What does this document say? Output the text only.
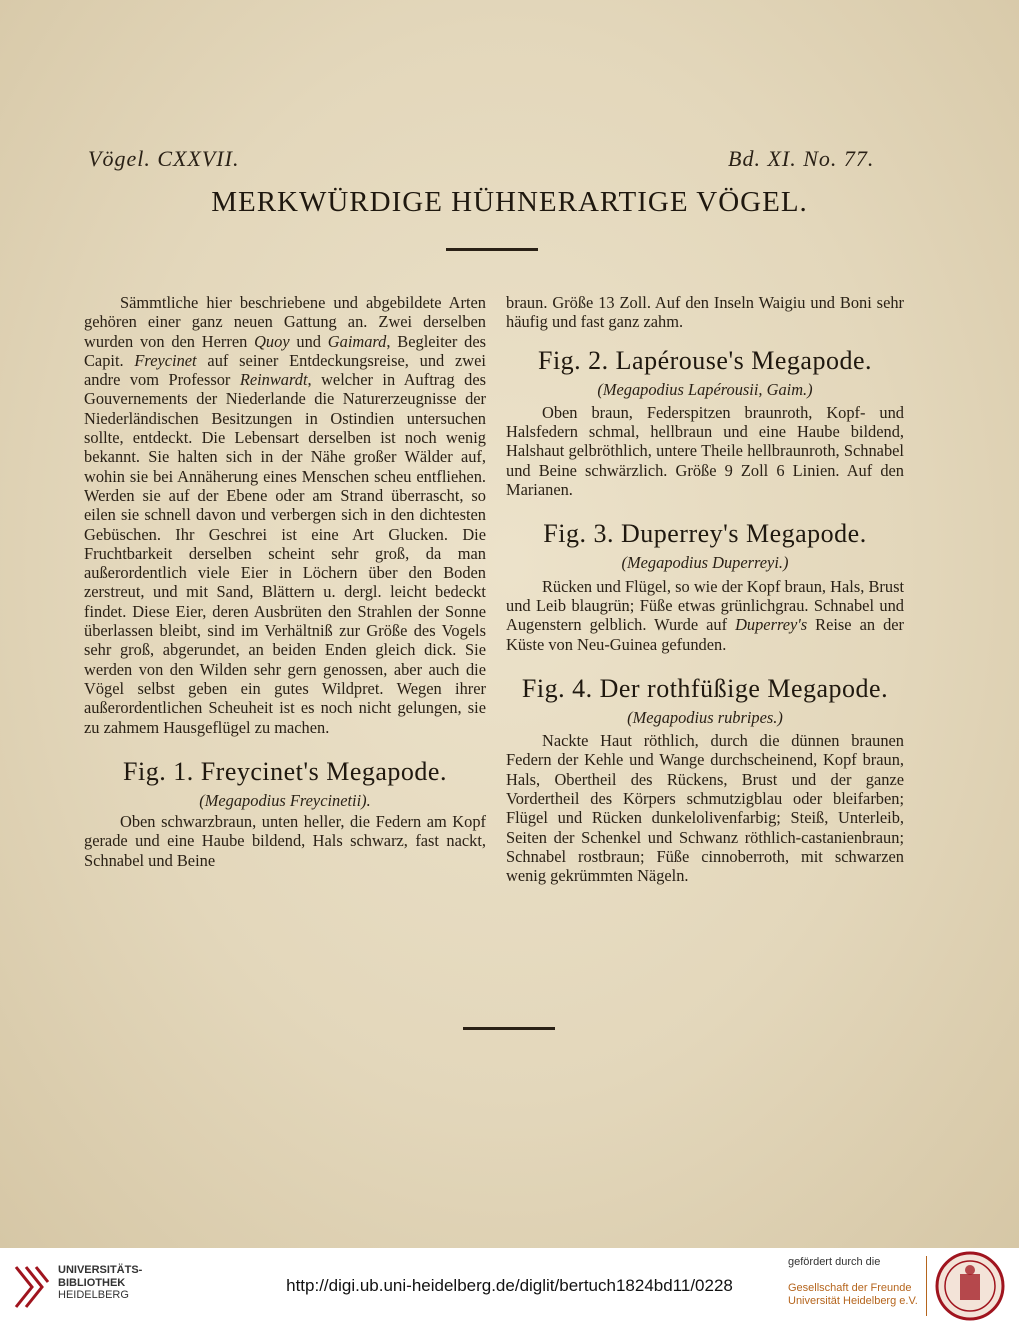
Vögel. CXXVII.	Bd. XI. No. 77.
MERKWÜRDIGE HÜHNERARTIGE VÖGEL.

Sämmtliche hier beschriebene und abgebildete Arten gehören einer ganz neuen Gattung an. Zwei derselben wurden von den Herren Quoy und Gaimard, Begleiter des Capit. Freycinet auf seiner Entdeckungsreise, und zwei andre vom Professor Reinwardt, welcher in Auftrag des Gouvernements der Niederlande die Naturerzeugnisse der Niederländischen Besitzungen in Ostindien untersuchen sollte, entdeckt. Die Lebensart derselben ist noch wenig bekannt. Sie halten sich in der Nähe großer Wälder auf, wohin sie bei Annäherung eines Menschen scheu entfliehen. Werden sie auf der Ebene oder am Strand überrascht, so eilen sie schnell davon und verbergen sich in den dichtesten Gebüschen. Ihr Geschrei ist eine Art Glucken. Die Fruchtbarkeit derselben scheint sehr groß, da man außerordentlich viele Eier in Löchern über den Boden zerstreut, und mit Sand, Blättern u. dergl. leicht bedeckt findet. Diese Eier, deren Ausbrüten den Strahlen der Sonne überlassen bleibt, sind im Verhältniß zur Größe des Vogels sehr groß, abgerundet, an beiden Enden gleich dick. Sie werden von den Wilden sehr gern genossen, aber auch die Vögel selbst geben ein gutes Wildpret. Wegen ihrer außerordentlichen Scheuheit ist es noch nicht gelungen, sie zu zahmem Hausgeflügel zu machen.

Fig. 1. Freycinet's Megapode.
(Megapodius Freycinetii).

Oben schwarzbraun, unten heller, die Federn am Kopf gerade und eine Haube bildend, Hals schwarz, fast nackt, Schnabel und Beine

braun. Größe 13 Zoll. Auf den Inseln Waigiu und Boni sehr häufig und fast ganz zahm.

Fig. 2. Lapérouse's Megapode.
(Megapodius Lapérousii, Gaim.)

Oben braun, Federspitzen braunroth, Kopf- und Halsfedern schmal, hellbraun und eine Haube bildend, Halshaut gelbröthlich, untere Theile hellbraunroth, Schnabel und Beine schwärzlich. Größe 9 Zoll 6 Linien. Auf den Marianen.

Fig. 3. Duperrey's Megapode.
(Megapodius Duperreyi.)

Rücken und Flügel, so wie der Kopf braun, Hals, Brust und Leib blaugrün; Füße etwas grünlichgrau. Schnabel und Augenstern gelblich. Wurde auf Duperrey's Reise an der Küste von Neu-Guinea gefunden.

Fig. 4. Der rothfüßige Megapode.
(Megapodius rubripes.)

Nackte Haut röthlich, durch die dünnen braunen Federn der Kehle und Wange durchscheinend, Kopf braun, Hals, Obertheil des Rückens, Brust und der ganze Vordertheil des Körpers schmutzigblau oder bleifarben; Flügel und Rücken dunkelolivenfarbig; Steiß, Unterleib, Seiten der Schenkel und Schwanz röthlich-castanienbraun; Schnabel rostbraun; Füße cinnoberroth, mit schwarzen wenig gekrümmten Nägeln.

UNIVERSITÄTS-
BIBLIOTHEK
HEIDELBERG	http://digi.ub.uni-heidelberg.de/diglit/bertuch1824bd11/0228
gefördert durch die
Gesellschaft der Freunde
Universität Heidelberg e.V.
